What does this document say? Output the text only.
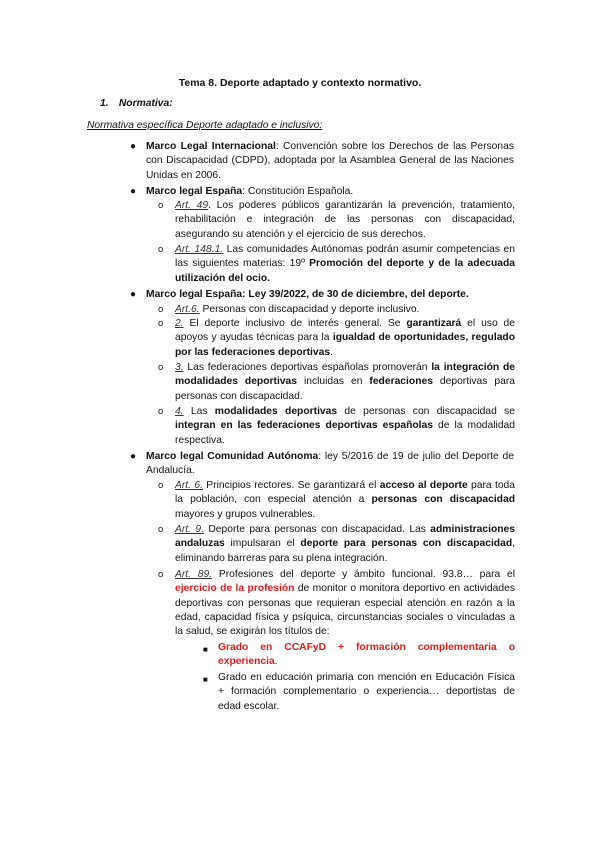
Tema 8. Deporte adaptado y contexto normativo.
1. Normativa:
Normativa específica Deporte adaptado e inclusivo:
● Marco Legal Internacional: Convención sobre los Derechos de las Personas con Discapacidad (CDPD), adoptada por la Asamblea General de las Naciones Unidas en 2006.
● Marco legal España: Constitución Española.
o Art. 49. Los poderes públicos garantizarán la prevención, tratamiento, rehabilitación e integración de las personas con discapacidad, asegurando su atención y el ejercicio de sus derechos.
o Art. 148.1. Las comunidades Autónomas podrán asumir competencias en las siguientes materias: 19º Promoción del deporte y de la adecuada utilización del ocio.
● Marco legal España: Ley 39/2022, de 30 de diciembre, del deporte.
o Art.6. Personas con discapacidad y deporte inclusivo.
o 2. El deporte inclusivo de interés general. Se garantizará el uso de apoyos y ayudas técnicas para la igualdad de oportunidades, regulado por las federaciones deportivas.
o 3. Las federaciones deportivas españolas promoverán la integración de modalidades deportivas incluidas en federaciones deportivas para personas con discapacidad.
o 4. Las modalidades deportivas de personas con discapacidad se integran en las federaciones deportivas españolas de la modalidad respectiva.
● Marco legal Comunidad Autónoma: ley 5/2016 de 19 de julio del Deporte de Andalucía.
o Art. 6. Principios rectores. Se garantizará el acceso al deporte para toda la población, con especial atención a personas con discapacidad mayores y grupos vulnerables.
o Art. 9. Deporte para personas con discapacidad. Las administraciones andaluzas impulsaran el deporte para personas con discapacidad, eliminando barreras para su plena integración.
o Art. 89. Profesiones del deporte y ámbito funcional. 93.8… para el ejercicio de la profesión de monitor o monitora deportivo en actividades deportivas con personas que requieran especial atención en razón a la edad, capacidad física y psíquica, circunstancias sociales o vinculadas a la salud, se exigirán los títulos de:
■ Grado en CCAFyD + formación complementaria o experiencia.
■ Grado en educación primaria con mención en Educación Física + formación complementario o experiencia… deportistas de edad escolar.
